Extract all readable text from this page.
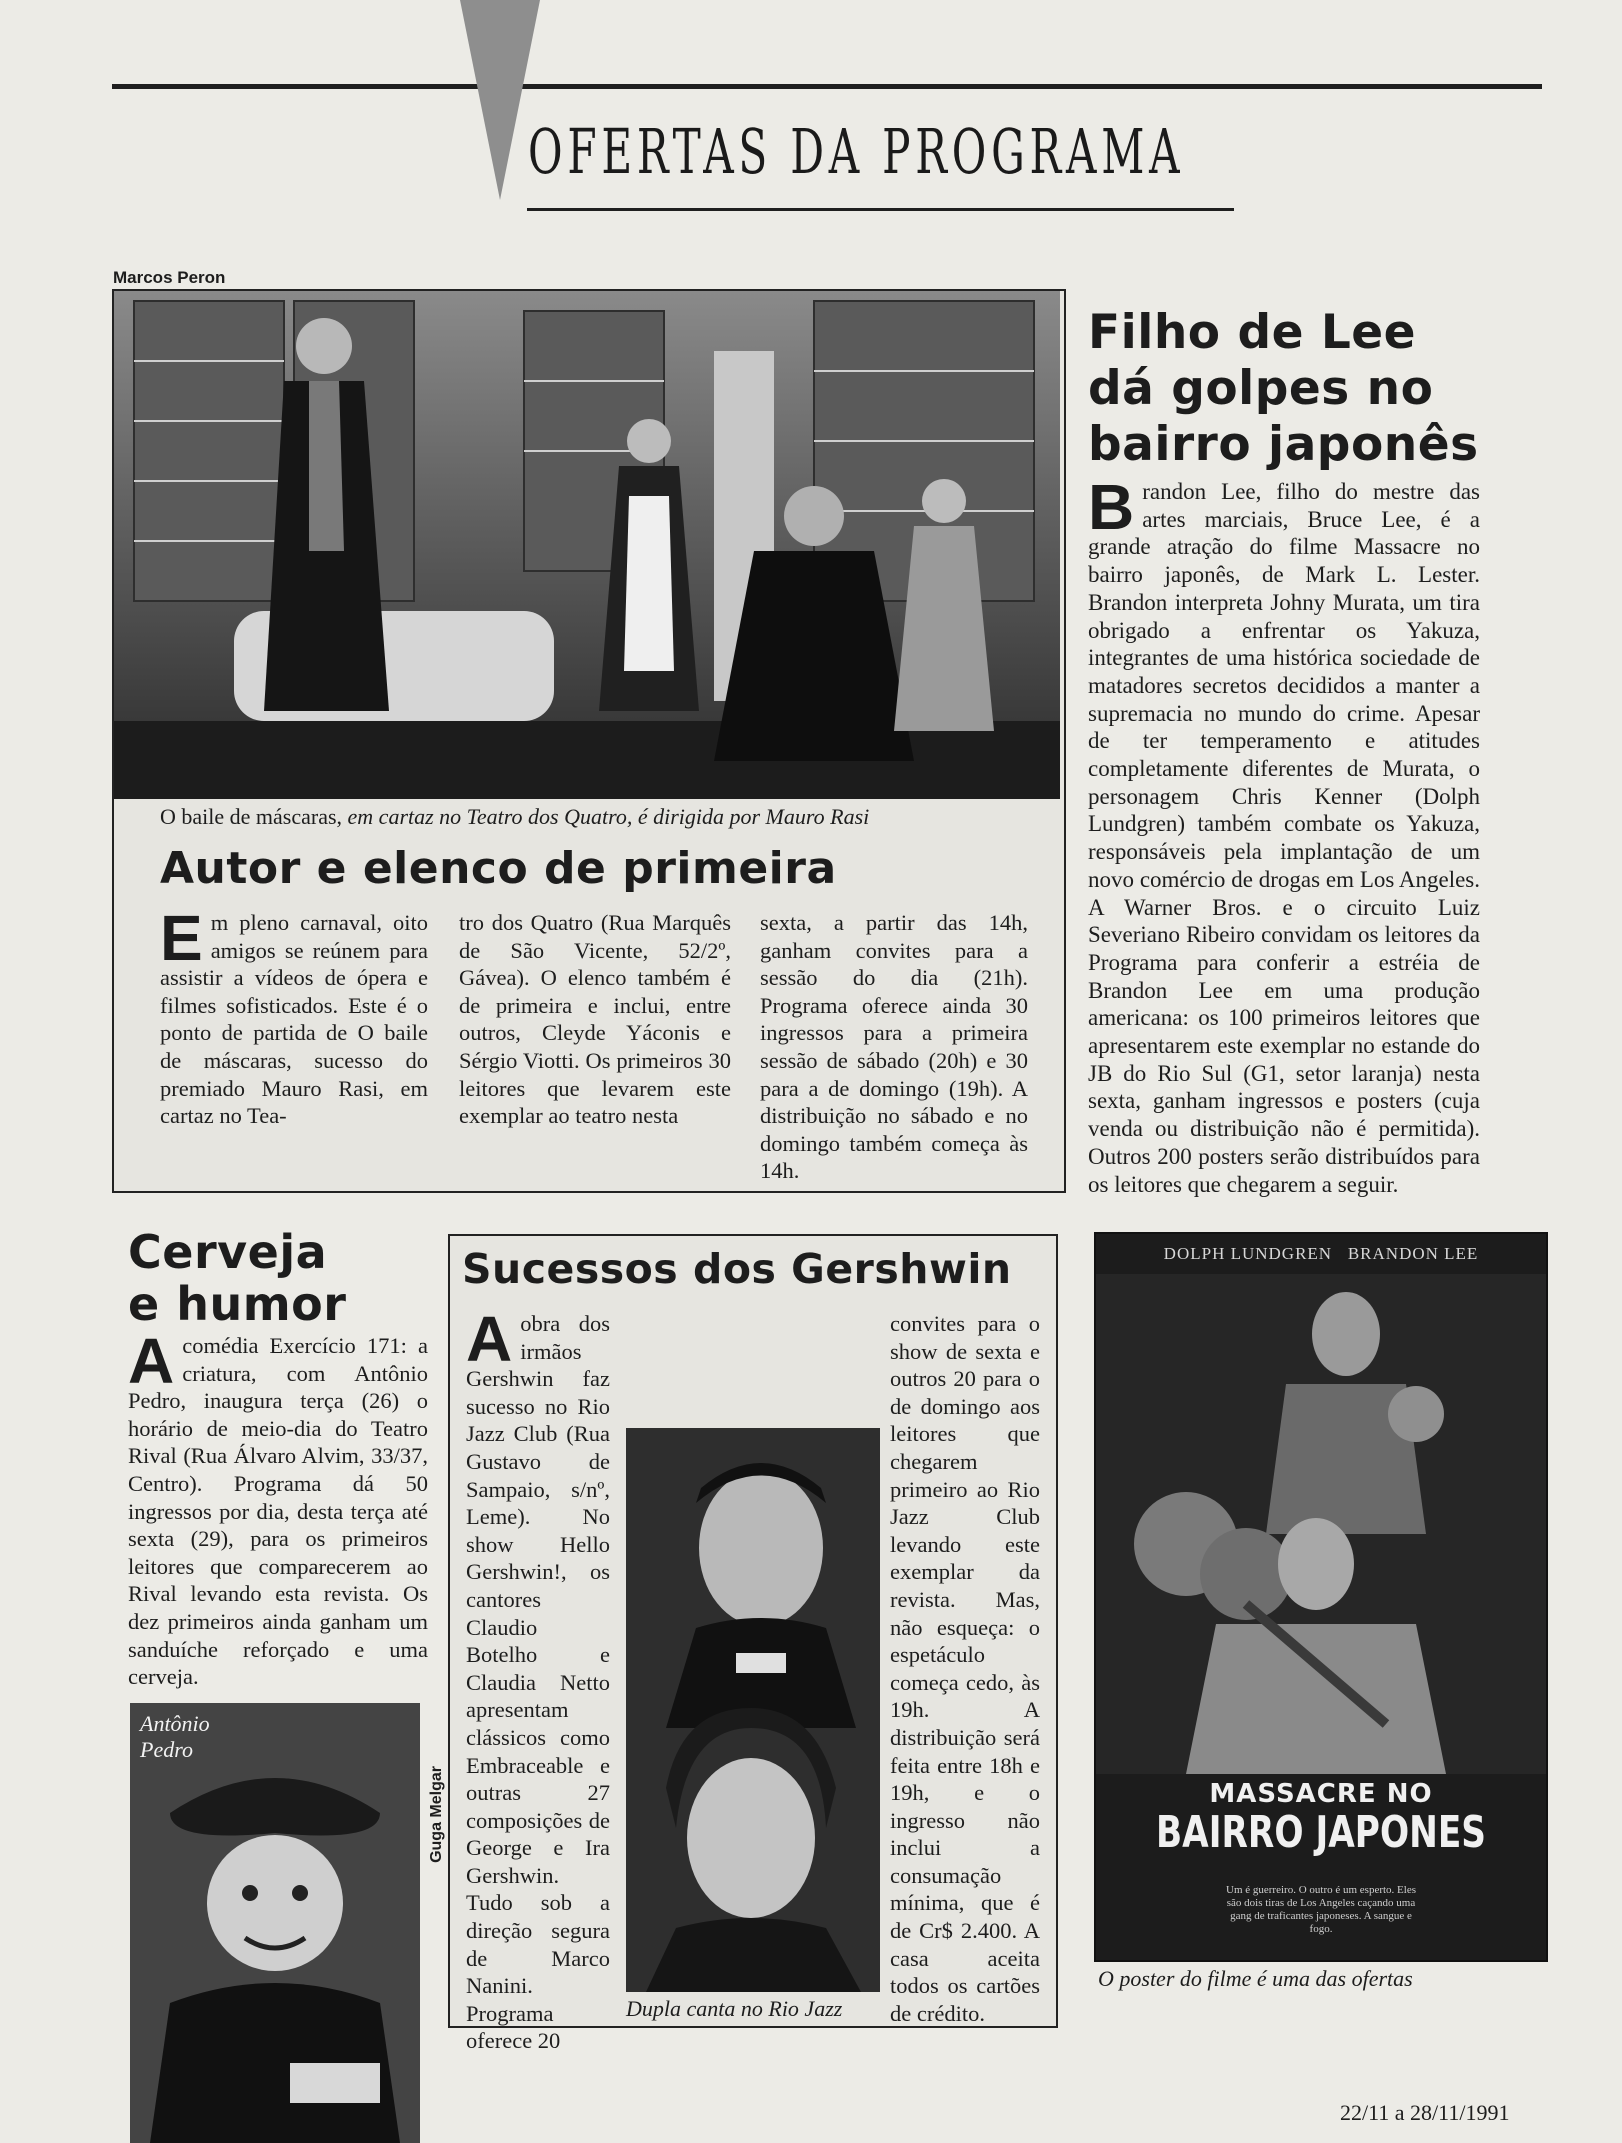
OFERTAS DA PROGRAMA
Marcos Peron
O baile de máscaras, em cartaz no Teatro dos Quatro, é dirigida por Mauro Rasi
Autor e elenco de primeira
Em pleno carnaval, oito amigos se reúnem para assistir a vídeos de ópera e filmes sofisticados. Este é o ponto de partida de O baile de máscaras, sucesso do premiado Mauro Rasi, em cartaz no Tea-
tro dos Quatro (Rua Marquês de São Vicente, 52/2º, Gávea). O elenco também é de primeira e inclui, entre outros, Cleyde Yáconis e Sérgio Viotti. Os primeiros 30 leitores que levarem este exemplar ao teatro nesta
sexta, a partir das 14h, ganham convites para a sessão do dia (21h). Programa oferece ainda 30 ingressos para a primeira sessão de sábado (20h) e 30 para a de domingo (19h). A distribuição no sábado e no domingo também começa às 14h.
Filho de Lee
dá golpes no
bairro japonês
Brandon Lee, filho do mestre das artes marciais, Bruce Lee, é a grande atração do filme Massacre no bairro japonês, de Mark L. Lester. Brandon interpreta Johny Murata, um tira obrigado a enfrentar os Yakuza, integrantes de uma histórica sociedade de matadores secretos decididos a manter a supremacia no mundo do crime. Apesar de ter temperamento e atitudes completamente diferentes de Murata, o personagem Chris Kenner (Dolph Lundgren) também combate os Yakuza, responsáveis pela implantação de um novo comércio de drogas em Los Angeles. A Warner Bros. e o circuito Luiz Severiano Ribeiro convidam os leitores da Programa para conferir a estréia de Brandon Lee em uma produção americana: os 100 primeiros leitores que apresentarem este exemplar no estande do JB do Rio Sul (G1, setor laranja) nesta sexta, ganham ingressos e posters (cuja venda ou distribuição não é permitida). Outros 200 posters serão distribuídos para os leitores que chegarem a seguir.
Cerveja
e humor
Acomédia Exercício 171: a criatura, com Antônio Pedro, inaugura terça (26) o horário de meio-dia do Teatro Rival (Rua Álvaro Alvim, 33/37, Centro). Programa dá 50 ingressos por dia, desta terça até sexta (29), para os primeiros leitores que comparecerem ao Rival levando esta revista. Os dez primeiros ainda ganham um sanduíche reforçado e uma cerveja.
Antônio
Pedro
Guga Melgar
Sucessos dos Gershwin
Dupla canta no Rio Jazz
Aobra dos irmãos Gershwin faz sucesso no Rio Jazz Club (Rua Gustavo de Sampaio, s/nº, Leme). No show Hello Gershwin!, os cantores Claudio Botelho e Claudia Netto apresentam clássicos como Embraceable e outras 27 composições de George e Ira Gershwin. Tudo sob a direção segura de Marco Nanini. Programa oferece 20
convites para o show de sexta e outros 20 para o de domingo aos leitores que chegarem primeiro ao Rio Jazz Club levando este exemplar da revista. Mas, não esqueça: o espetáculo começa cedo, às 19h. A distribuição será feita entre 18h e 19h, e o ingresso não inclui a consumação mínima, que é de Cr$ 2.400. A casa aceita todos os cartões de crédito.
DOLPH LUNDGREN   BRANDON LEE
MASSACRE NO
BAIRRO JAPONES
Um é guerreiro. O outro é um esperto. Eles são dois tiras de Los Angeles caçando uma gang de traficantes japoneses. A sangue e fogo.
O poster do filme é uma das ofertas
22/11 a 28/11/1991
